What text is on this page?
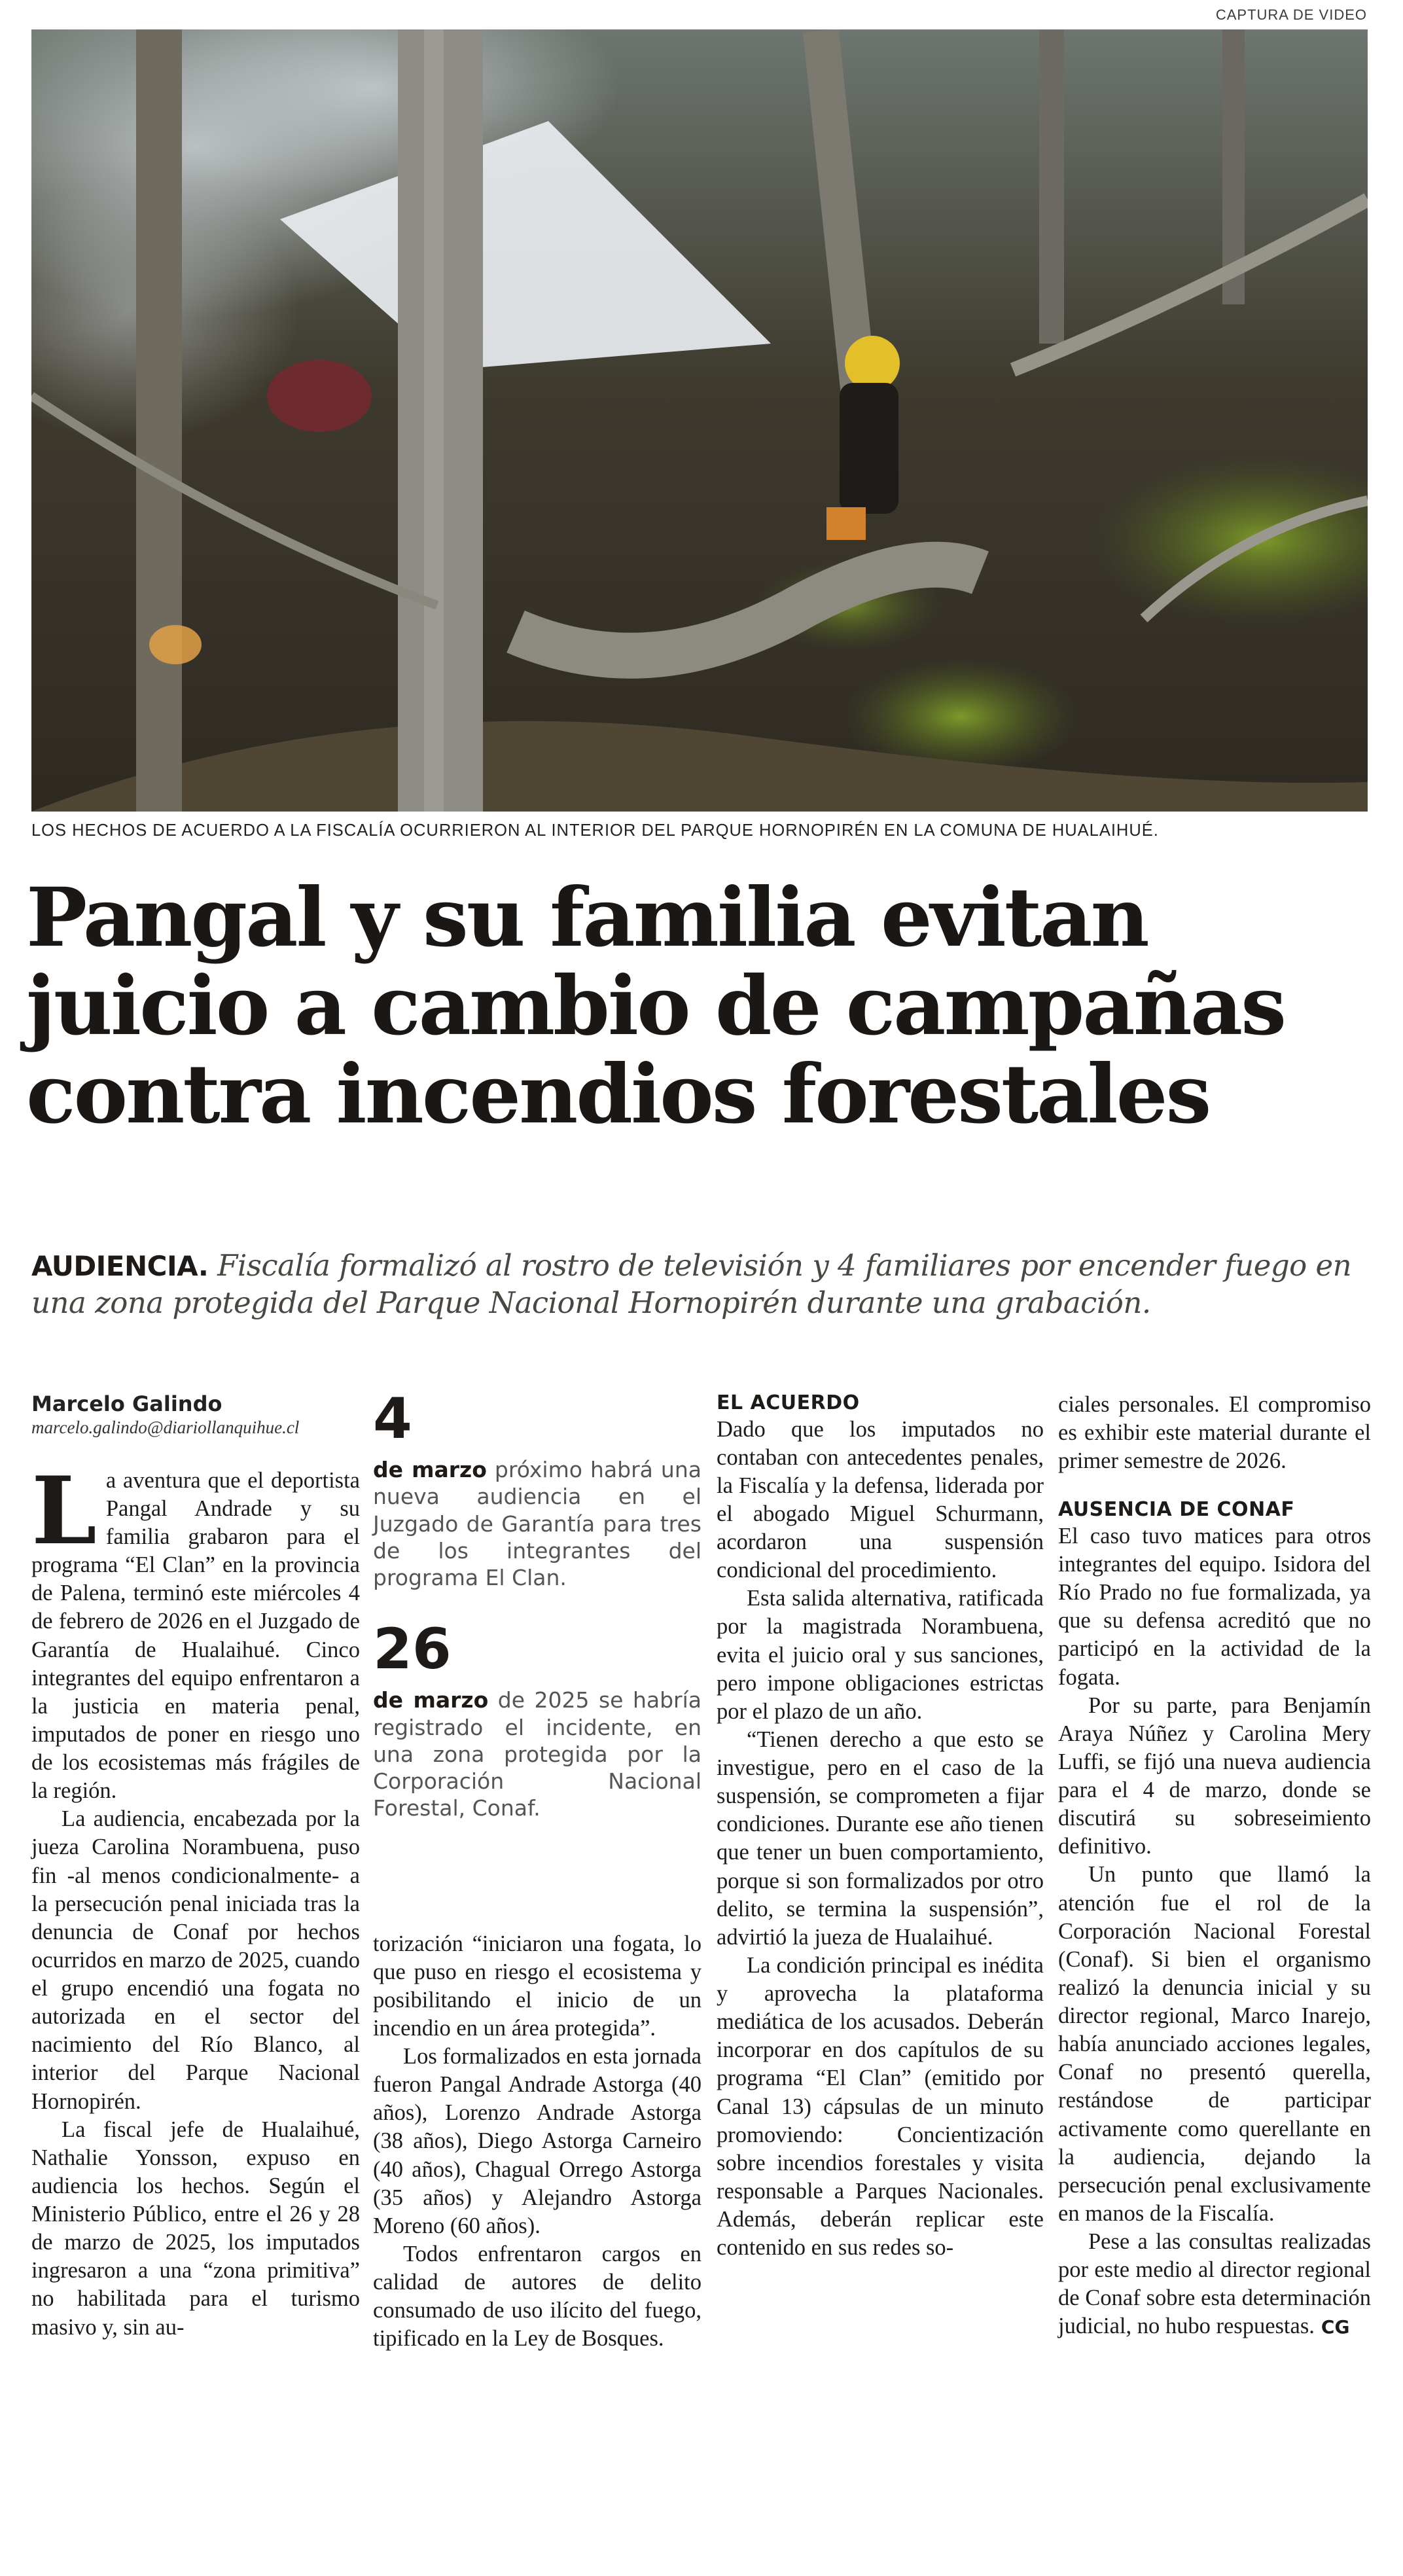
CAPTURA DE VIDEO
LOS HECHOS DE ACUERDO A LA FISCALÍA OCURRIERON AL INTERIOR DEL PARQUE HORNOPIRÉN EN LA COMUNA DE HUALAIHUÉ.
Pangal y su familia evitan
juicio a cambio de campañas
contra incendios forestales
AUDIENCIA. Fiscalía formalizó al rostro de televisión y 4 familiares por encender fuego en una zona protegida del Parque Nacional Hornopirén durante una grabación.
Marcelo Galindo
marcelo.galindo@diariollanquihue.cl
L a aventura que el deportista Pangal Andrade y su familia grabaron para el programa “El Clan” en la provincia de Palena, terminó este miércoles 4 de febrero de 2026 en el Juzgado de Garantía de Hualaihué. Cinco integrantes del equipo enfrentaron a la justicia en materia penal, imputados de poner en riesgo uno de los ecosistemas más frágiles de la región.

La audiencia, encabezada por la jueza Carolina Norambuena, puso fin -al menos condicionalmente- a la persecución penal iniciada tras la denuncia de Conaf por hechos ocurridos en marzo de 2025, cuando el grupo encendió una fogata no autorizada en el sector del nacimiento del Río Blanco, al interior del Parque Nacional Hornopirén.

La fiscal jefe de Hualaihué, Nathalie Yonsson, expuso en audiencia los hechos. Según el Ministerio Público, entre el 26 y 28 de marzo de 2025, los imputados ingresaron a una “zona primitiva” no habilitada para el turismo masivo y, sin au-

4
de marzo próximo habrá una nueva audiencia en el Juzgado de Garantía para tres de los integrantes del programa El Clan.
26
de marzo de 2025 se habría registrado el incidente, en una zona protegida por la Corporación Nacional Forestal, Conaf.

torización “iniciaron una fogata, lo que puso en riesgo el ecosistema y posibilitando el inicio de un incendio en un área protegida”.

Los formalizados en esta jornada fueron Pangal Andrade Astorga (40 años), Lorenzo Andrade Astorga (38 años), Diego Astorga Carneiro (40 años), Chagual Orrego Astorga (35 años) y Alejandro Astorga Moreno (60 años).

Todos enfrentaron cargos en calidad de autores de delito consumado de uso ilícito del fuego, tipificado en la Ley de Bosques.

EL ACUERDO

Dado que los imputados no contaban con antecedentes penales, la Fiscalía y la defensa, liderada por el abogado Miguel Schurmann, acordaron una suspensión condicional del procedimiento.

Esta salida alternativa, ratificada por la magistrada Norambuena, evita el juicio oral y sus sanciones, pero impone obligaciones estrictas por el plazo de un año.

“Tienen derecho a que esto se investigue, pero en el caso de la suspensión, se comprometen a fijar condiciones. Durante ese año tienen que tener un buen comportamiento, porque si son formalizados por otro delito, se termina la suspensión”, advirtió la jueza de Hualaihué.

La condición principal es inédita y aprovecha la plataforma mediática de los acusados. Deberán incorporar en dos capítulos de su programa “El Clan” (emitido por Canal 13) cápsulas de un minuto promoviendo: Concientización sobre incendios forestales y visita responsable a Parques Nacionales. Además, deberán replicar este contenido en sus redes so-

ciales personales. El compromiso es exhibir este material durante el primer semestre de 2026.

AUSENCIA DE CONAF

El caso tuvo matices para otros integrantes del equipo. Isidora del Río Prado no fue formalizada, ya que su defensa acreditó que no participó en la actividad de la fogata.

Por su parte, para Benjamín Araya Núñez y Carolina Mery Luffi, se fijó una nueva audiencia para el 4 de marzo, donde se discutirá su sobreseimiento definitivo.

Un punto que llamó la atención fue el rol de la Corporación Nacional Forestal (Conaf). Si bien el organismo realizó la denuncia inicial y su director regional, Marco Inarejo, había anunciado acciones legales, Conaf no presentó querella, restándose de participar activamente como querellante en la audiencia, dejando la persecución penal exclusivamente en manos de la Fiscalía.

Pese a las consultas realizadas por este medio al director regional de Conaf sobre esta determinación judicial, no hubo respuestas. CG
